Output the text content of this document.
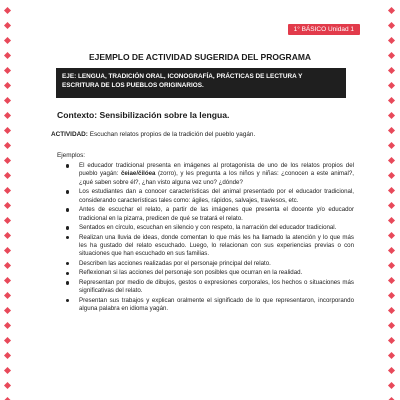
1° BÁSICO Unidad 1
EJEMPLO DE ACTIVIDAD SUGERIDA DEL PROGRAMA
EJE: LENGUA, TRADICIÓN ORAL, ICONOGRAFÍA, PRÁCTICAS DE LECTURA Y ESCRITURA DE LOS PUEBLOS ORIGINARIOS.
Contexto: Sensibilización sobre la lengua.
ACTIVIDAD: Escuchan relatos propios de la tradición del pueblo yagán.
Ejemplos:
El educador tradicional presenta en imágenes al protagonista de uno de los relatos propios del pueblo yagán: čeiae/čilóea (zorro), y les pregunta a los niños y niñas: ¿conocen a este animal?, ¿qué saben sobre él?, ¿han visto alguna vez uno? ¿dónde?
Los estudiantes dan a conocer características del animal presentado por el educador tradicional, considerando características tales como: ágiles, rápidos, salvajes, traviesos, etc.
Antes de escuchar el relato, a partir de las imágenes que presenta el docente y/o educador tradicional en la pizarra, predicen de qué se tratará el relato.
Sentados en círculo, escuchan en silencio y con respeto, la narración del educador tradicional.
Realizan una lluvia de ideas, donde comentan lo que más les ha llamado la atención y lo que más les ha gustado del relato escuchado. Luego, lo relacionan con sus experiencias previas o con situaciones que han escuchado en sus familias.
Describen las acciones realizadas por el personaje principal del relato.
Reflexionan si las acciones del personaje son posibles que ocurran en la realidad.
Representan por medio de dibujos, gestos o expresiones corporales, los hechos o situaciones más significativas del relato.
Presentan sus trabajos y explican oralmente el significado de lo que representaron, incorporando alguna palabra en idioma yagán.
